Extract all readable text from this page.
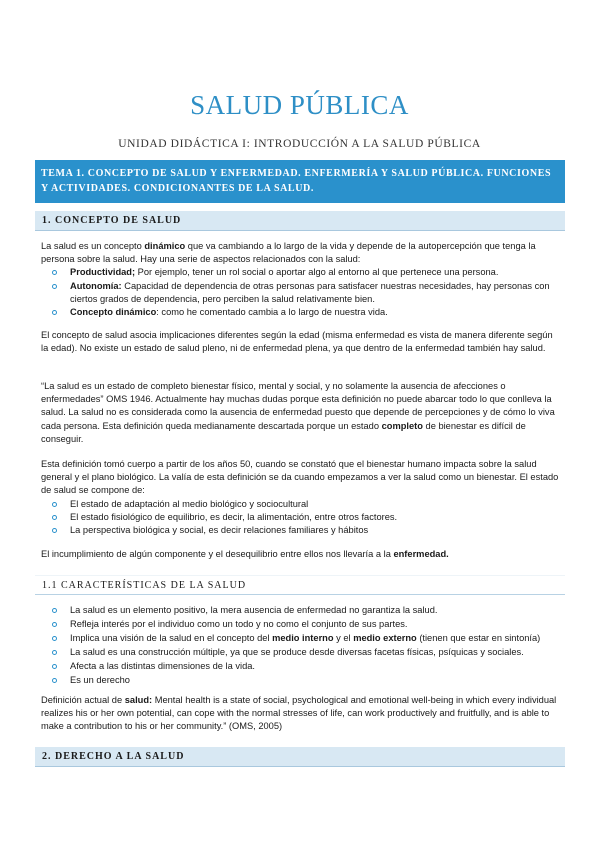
SALUD PÚBLICA
UNIDAD DIDÁCTICA I: INTRODUCCIÓN A LA SALUD PÚBLICA
TEMA 1. CONCEPTO DE SALUD Y ENFERMEDAD. ENFERMERÍA Y SALUD PÚBLICA. FUNCIONES Y ACTIVIDADES. CONDICIONANTES DE LA SALUD.
1. CONCEPTO DE SALUD
La salud es un concepto dinámico que va cambiando a lo largo de la vida y depende de la autopercepción que tenga la persona sobre la salud. Hay una serie de aspectos relacionados con la salud:
Productividad; Por ejemplo, tener un rol social o aportar algo al entorno al que pertenece una persona.
Autonomía: Capacidad de dependencia de otras personas para satisfacer nuestras necesidades, hay personas con ciertos grados de dependencia, pero perciben la salud relativamente bien.
Concepto dinámico: como he comentado cambia a lo largo de nuestra vida.
El concepto de salud asocia implicaciones diferentes según la edad (misma enfermedad es vista de manera diferente según la edad). No existe un estado de salud pleno, ni de enfermedad plena, ya que dentro de la enfermedad también hay salud.
“La salud es un estado de completo bienestar físico, mental y social, y no solamente la ausencia de afecciones o enfermedades” OMS 1946. Actualmente hay muchas dudas porque esta definición no puede abarcar todo lo que conlleva la salud. La salud no es considerada como la ausencia de enfermedad puesto que depende de percepciones y de cómo lo viva cada persona. Esta definición queda medianamente descartada porque un estado completo de bienestar es difícil de conseguir.
Esta definición tomó cuerpo a partir de los años 50, cuando se constató que el bienestar humano impacta sobre la salud general y el plano biológico. La valía de esta definición se da cuando empezamos a ver la salud como un bienestar. El estado de salud se compone de:
El estado de adaptación al medio biológico y sociocultural
El estado fisiológico de equilibrio, es decir, la alimentación, entre otros factores.
La perspectiva biológica y social, es decir relaciones familiares y hábitos
El incumplimiento de algún componente y el desequilibrio entre ellos nos llevaría a la enfermedad.
1.1 CARACTERÍSTICAS DE LA SALUD
La salud es un elemento positivo, la mera ausencia de enfermedad no garantiza la salud.
Refleja interés por el individuo como un todo y no como el conjunto de sus partes.
Implica una visión de la salud en el concepto del medio interno y el medio externo (tienen que estar en sintonía)
La salud es una construcción múltiple, ya que se produce desde diversas facetas físicas, psíquicas y sociales.
Afecta a las distintas dimensiones de la vida.
Es un derecho
Definición actual de salud: Mental health is a state of social, psychological and emotional well-being in which every individual realizes his or her own potential, can cope with the normal stresses of life, can work productively and fruitfully, and is able to make a contribution to his or her community.” (OMS, 2005)
2. DERECHO A LA SALUD
